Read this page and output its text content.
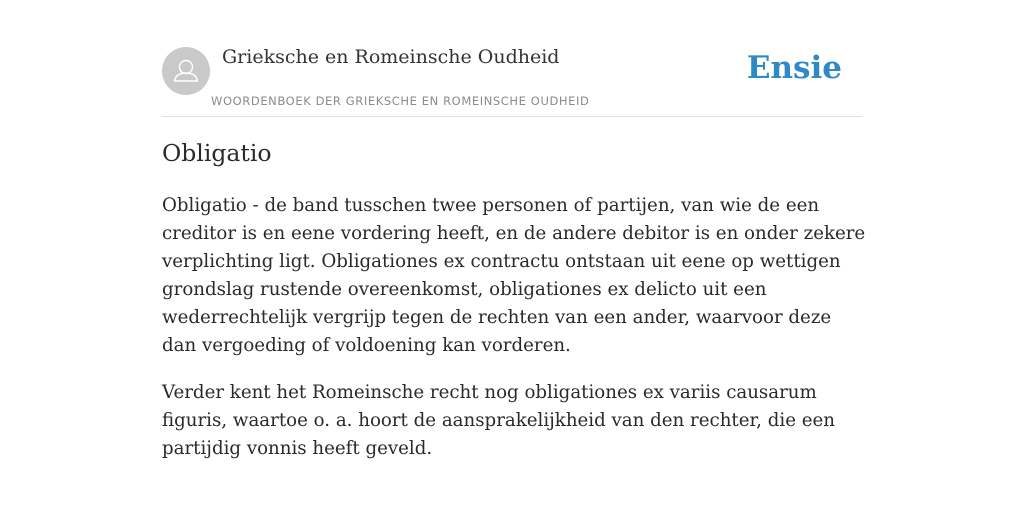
Grieksche en Romeinsche Oudheid
WOORDENBOEK DER GRIEKSCHE EN ROMEINSCHE OUDHEID
Ensie
Obligatio

Obligatio - de band tusschen twee personen of partijen, van wie de een creditor is en eene vordering heeft, en de andere debitor is en onder zekere verplichting ligt. Obligationes ex contractu ontstaan uit eene op wettigen grondslag rustende overeenkomst, obligationes ex delicto uit een wederrechtelijk vergrijp tegen de rechten van een ander, waarvoor deze dan vergoeding of voldoening kan vorderen.

Verder kent het Romeinsche recht nog obligationes ex variis causarum figuris, waartoe o. a. hoort de aansprakelijkheid van den rechter, die een partijdig vonnis heeft geveld.
